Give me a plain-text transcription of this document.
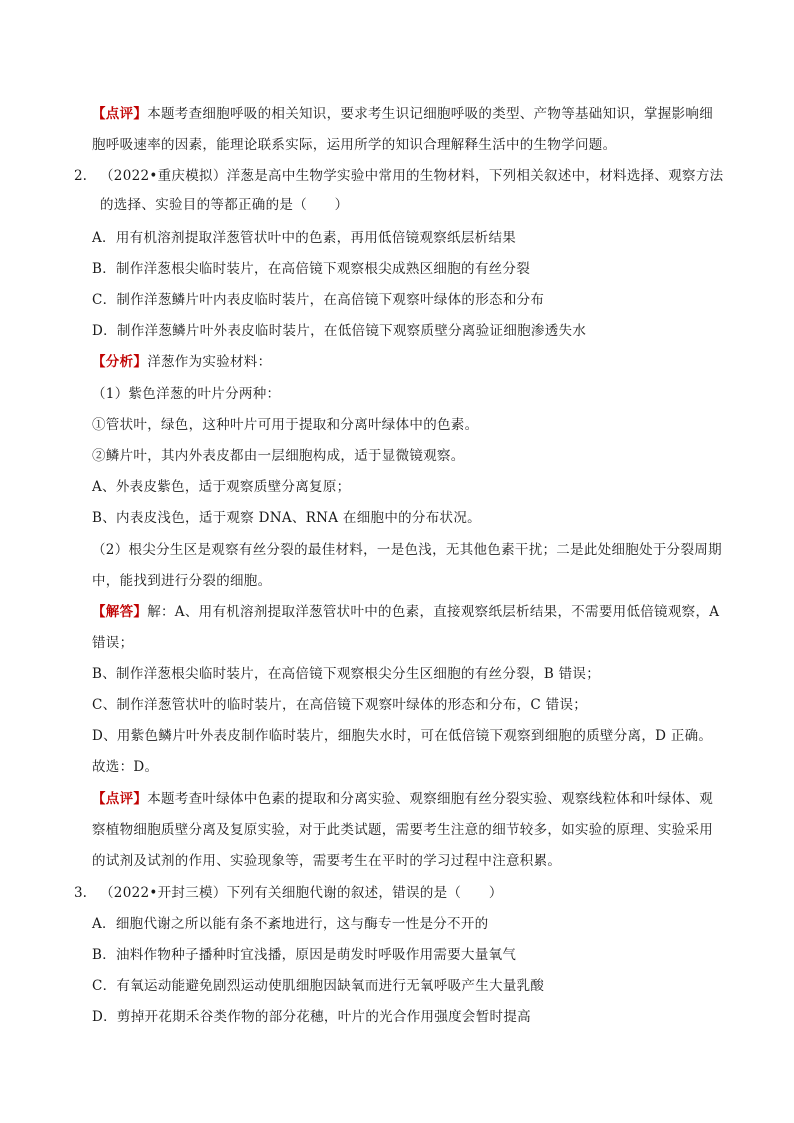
【点评】本题考查细胞呼吸的相关知识，要求考生识记细胞呼吸的类型、产物等基础知识，掌握影响细
胞呼吸速率的因素，能理论联系实际，运用所学的知识合理解释生活中的生物学问题。
2. （2022•重庆模拟）洋葱是高中生物学实验中常用的生物材料，下列相关叙述中，材料选择、观察方法
的选择、实验目的等都正确的是（　　）
A．用有机溶剂提取洋葱管状叶中的色素，再用低倍镜观察纸层析结果
B．制作洋葱根尖临时装片，在高倍镜下观察根尖成熟区细胞的有丝分裂
C．制作洋葱鳞片叶内表皮临时装片，在高倍镜下观察叶绿体的形态和分布
D．制作洋葱鳞片叶外表皮临时装片，在低倍镜下观察质壁分离验证细胞渗透失水
【分析】洋葱作为实验材料：
（1）紫色洋葱的叶片分两种：
①管状叶，绿色，这种叶片可用于提取和分离叶绿体中的色素。
②鳞片叶，其内外表皮都由一层细胞构成，适于显微镜观察。
A、外表皮紫色，适于观察质壁分离复原；
B、内表皮浅色，适于观察 DNA、RNA 在细胞中的分布状况。
（2）根尖分生区是观察有丝分裂的最佳材料，一是色浅，无其他色素干扰；二是此处细胞处于分裂周期
中，能找到进行分裂的细胞。
【解答】解：A、用有机溶剂提取洋葱管状叶中的色素，直接观察纸层析结果，不需要用低倍镜观察，A
错误；
B、制作洋葱根尖临时装片，在高倍镜下观察根尖分生区细胞的有丝分裂，B 错误；
C、制作洋葱管状叶的临时装片，在高倍镜下观察叶绿体的形态和分布，C 错误；
D、用紫色鳞片叶外表皮制作临时装片，细胞失水时，可在低倍镜下观察到细胞的质壁分离，D 正确。
故选：D。
【点评】本题考查叶绿体中色素的提取和分离实验、观察细胞有丝分裂实验、观察线粒体和叶绿体、观
察植物细胞质壁分离及复原实验，对于此类试题，需要考生注意的细节较多，如实验的原理、实验采用
的试剂及试剂的作用、实验现象等，需要考生在平时的学习过程中注意积累。
3. （2022•开封三模）下列有关细胞代谢的叙述，错误的是（　　）
A．细胞代谢之所以能有条不紊地进行，这与酶专一性是分不开的
B．油料作物种子播种时宜浅播，原因是萌发时呼吸作用需要大量氧气
C．有氧运动能避免剧烈运动使肌细胞因缺氧而进行无氧呼吸产生大量乳酸
D．剪掉开花期禾谷类作物的部分花穗，叶片的光合作用强度会暂时提高
